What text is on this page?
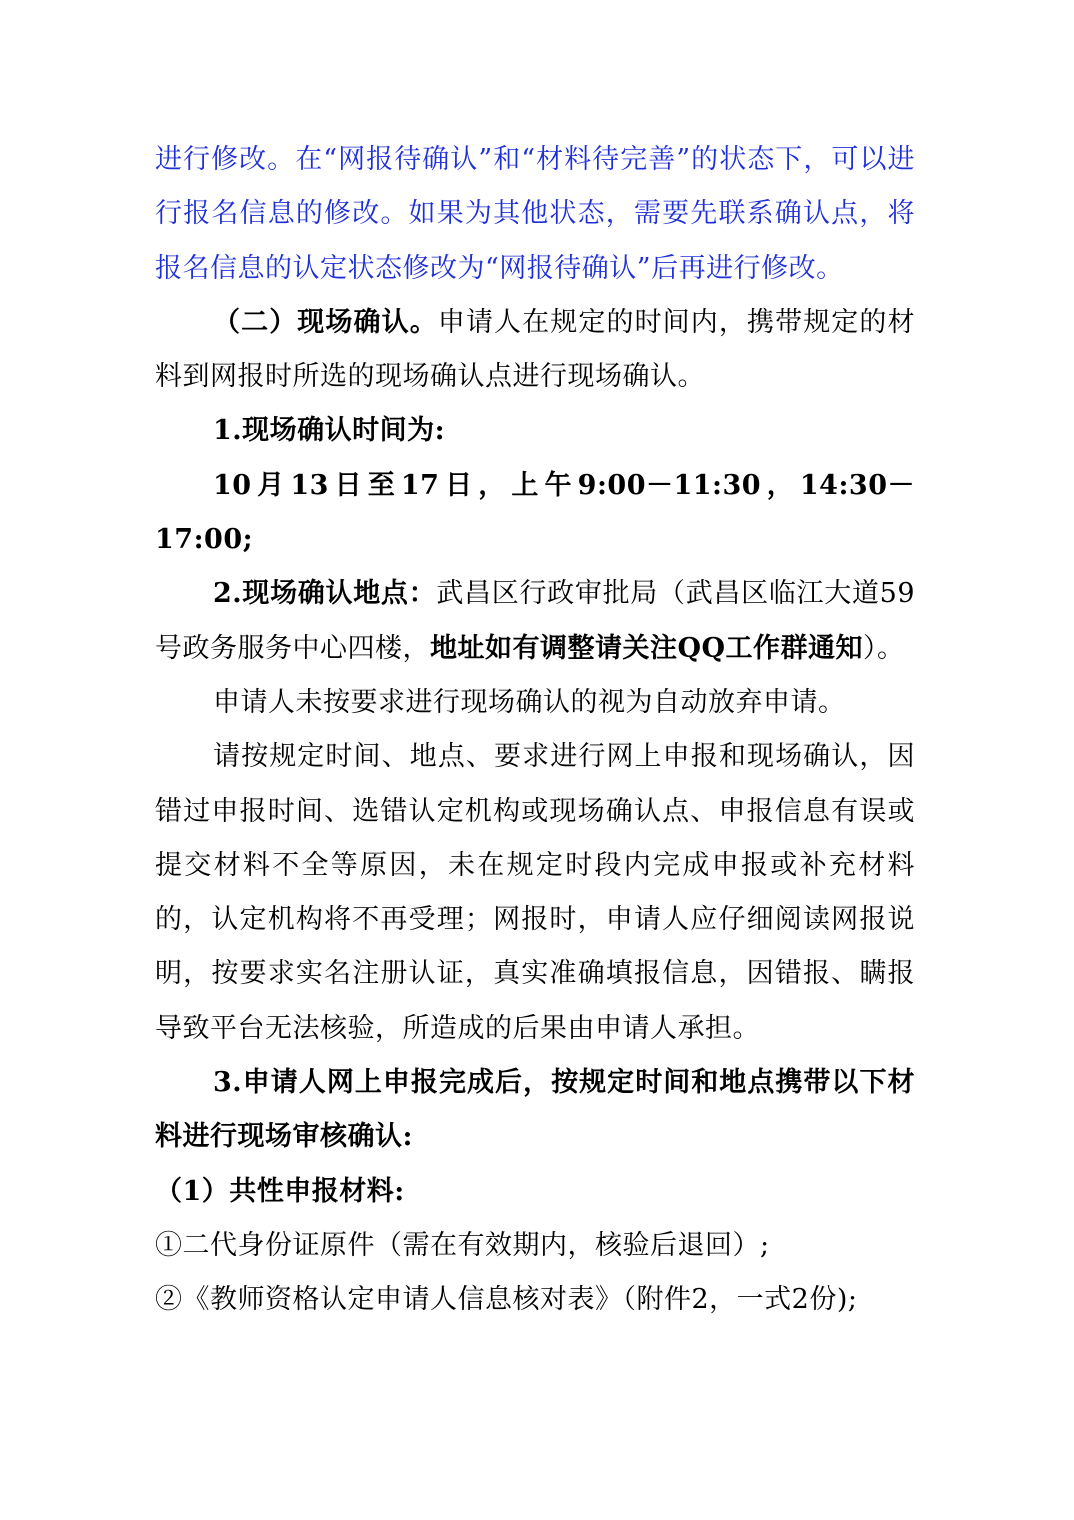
进行修改。在“网报待确认”和“材料待完善”的状态下，可以进行报名信息的修改。如果为其他状态，需要先联系确认点，将报名信息的认定状态修改为“网报待确认”后再进行修改。

（二）现场确认。申请人在规定的时间内，携带规定的材料到网报时所选的现场确认点进行现场确认。

1.现场确认时间为:

10月13日至17日，上午9:00－11:30，14:30－17:00;

2.现场确认地点：武昌区行政审批局（武昌区临江大道59号政务服务中心四楼，地址如有调整请关注QQ工作群通知）。

申请人未按要求进行现场确认的视为自动放弃申请。

请按规定时间、地点、要求进行网上申报和现场确认，因错过申报时间、选错认定机构或现场确认点、申报信息有误或提交材料不全等原因，未在规定时段内完成申报或补充材料的，认定机构将不再受理；网报时，申请人应仔细阅读网报说明，按要求实名注册认证，真实准确填报信息，因错报、瞒报导致平台无法核验，所造成的后果由申请人承担。

3.申请人网上申报完成后，按规定时间和地点携带以下材料进行现场审核确认:

（1）共性申报材料:

①二代身份证原件（需在有效期内，核验后退回）;

②《教师资格认定申请人信息核对表》（附件2，一式2份);
